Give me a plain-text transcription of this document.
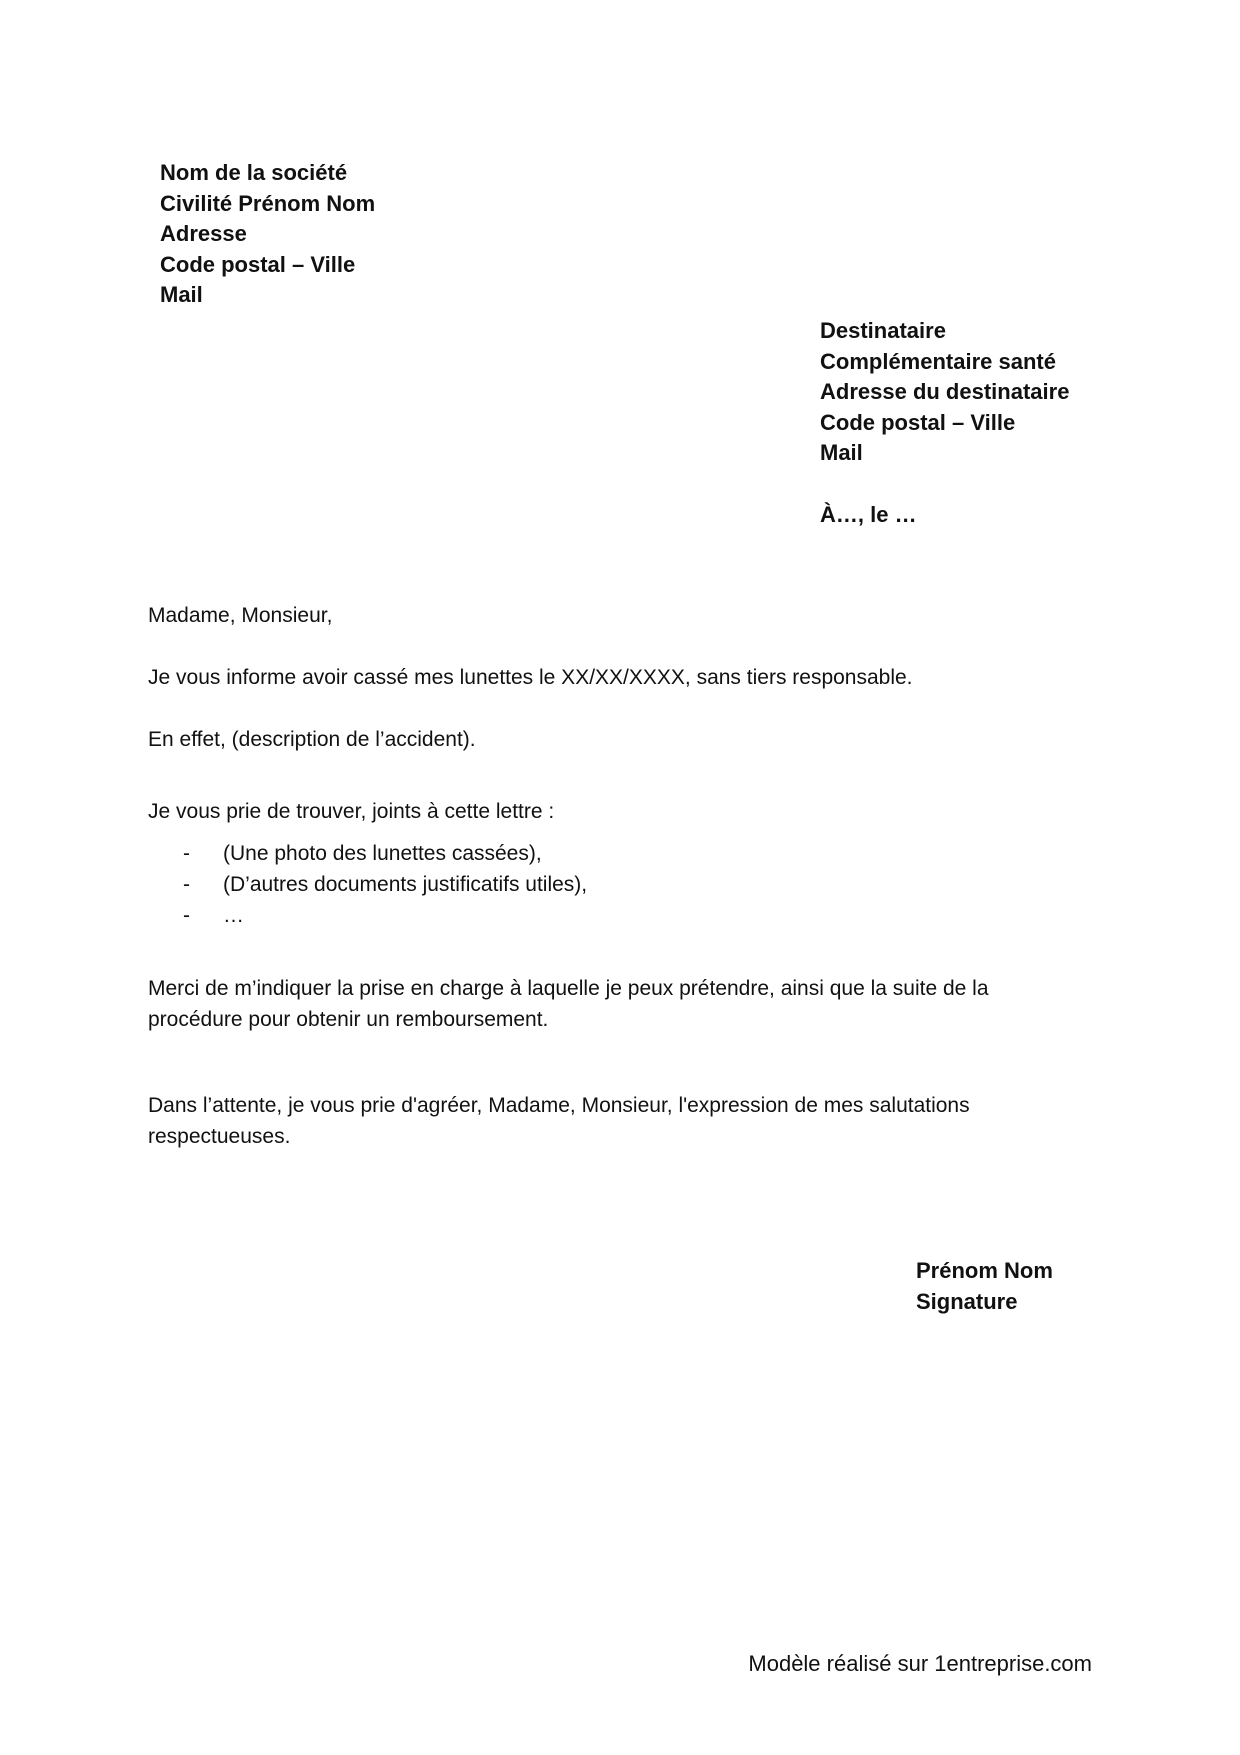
Nom de la société
Civilité Prénom Nom
Adresse
Code postal – Ville
Mail
Destinataire
Complémentaire santé
Adresse du destinataire
Code postal – Ville
Mail
À…, le …
Madame, Monsieur,
Je vous informe avoir cassé mes lunettes le XX/XX/XXXX, sans tiers responsable.
En effet, (description de l’accident).
Je vous prie de trouver, joints à cette lettre :
- (Une photo des lunettes cassées),
- (D’autres documents justificatifs utiles),
- …
Merci de m’indiquer la prise en charge à laquelle je peux prétendre, ainsi que la suite de la
procédure pour obtenir un remboursement.
Dans l’attente, je vous prie d'agréer, Madame, Monsieur, l'expression de mes salutations
respectueuses.
Prénom Nom
Signature
Modèle réalisé sur 1entreprise.com
